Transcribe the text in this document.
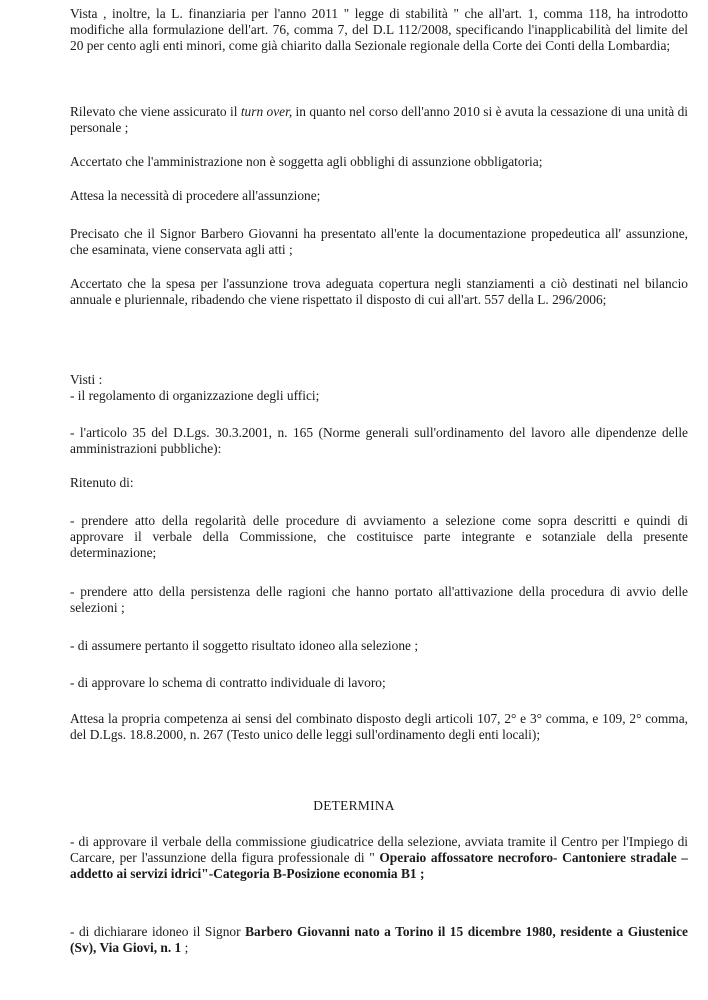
Vista , inoltre, la L. finanziaria per l'anno 2011 " legge di stabilità " che all'art. 1, comma 118, ha introdotto modifiche alla formulazione dell'art. 76, comma 7, del D.L 112/2008, specificando l'inapplicabilità del limite del 20 per cento agli enti minori, come già chiarito dalla Sezionale regionale della Corte dei Conti della Lombardia;

Rilevato che viene assicurato il turn over, in quanto nel corso dell'anno 2010 si è avuta la cessazione di una unità di personale ;

Accertato che l'amministrazione non è soggetta agli obblighi di assunzione obbligatoria;

Attesa la necessità di procedere all'assunzione;

Precisato che il Signor Barbero Giovanni ha presentato all'ente la documentazione propedeutica all' assunzione, che esaminata, viene conservata agli atti ;

Accertato che la spesa per l'assunzione trova adeguata copertura negli stanziamenti a ciò destinati nel bilancio annuale e pluriennale, ribadendo che viene rispettato il disposto di cui all'art. 557 della L. 296/2006;

Visti :
- il regolamento di organizzazione degli uffici;

- l'articolo 35 del D.Lgs. 30.3.2001, n. 165 (Norme generali sull'ordinamento del lavoro alle dipendenze delle amministrazioni pubbliche):

Ritenuto di:

- prendere atto della regolarità delle procedure di avviamento a selezione come sopra descritti e quindi di approvare il verbale della Commissione, che costituisce parte integrante e sotanziale della presente determinazione;

- prendere atto della persistenza delle ragioni che hanno portato all'attivazione della procedura di avvio delle selezioni ;

- di assumere pertanto il soggetto risultato idoneo alla selezione ;

- di approvare lo schema di contratto individuale di lavoro;

Attesa la propria competenza ai sensi del combinato disposto degli articoli 107, 2° e 3° comma, e 109, 2° comma, del D.Lgs. 18.8.2000, n. 267 (Testo unico delle leggi sull'ordinamento degli enti locali);

DETERMINA

- di approvare il verbale della commissione giudicatrice della selezione, avviata tramite il Centro per l'Impiego di Carcare, per l'assunzione della figura professionale di " Operaio affossatore necroforo- Cantoniere stradale – addetto ai servizi idrici"-Categoria B-Posizione economia B1 ;

- di dichiarare idoneo il Signor Barbero Giovanni nato a Torino il 15 dicembre 1980, residente a Giustenice (Sv), Via Giovi, n. 1 ;
